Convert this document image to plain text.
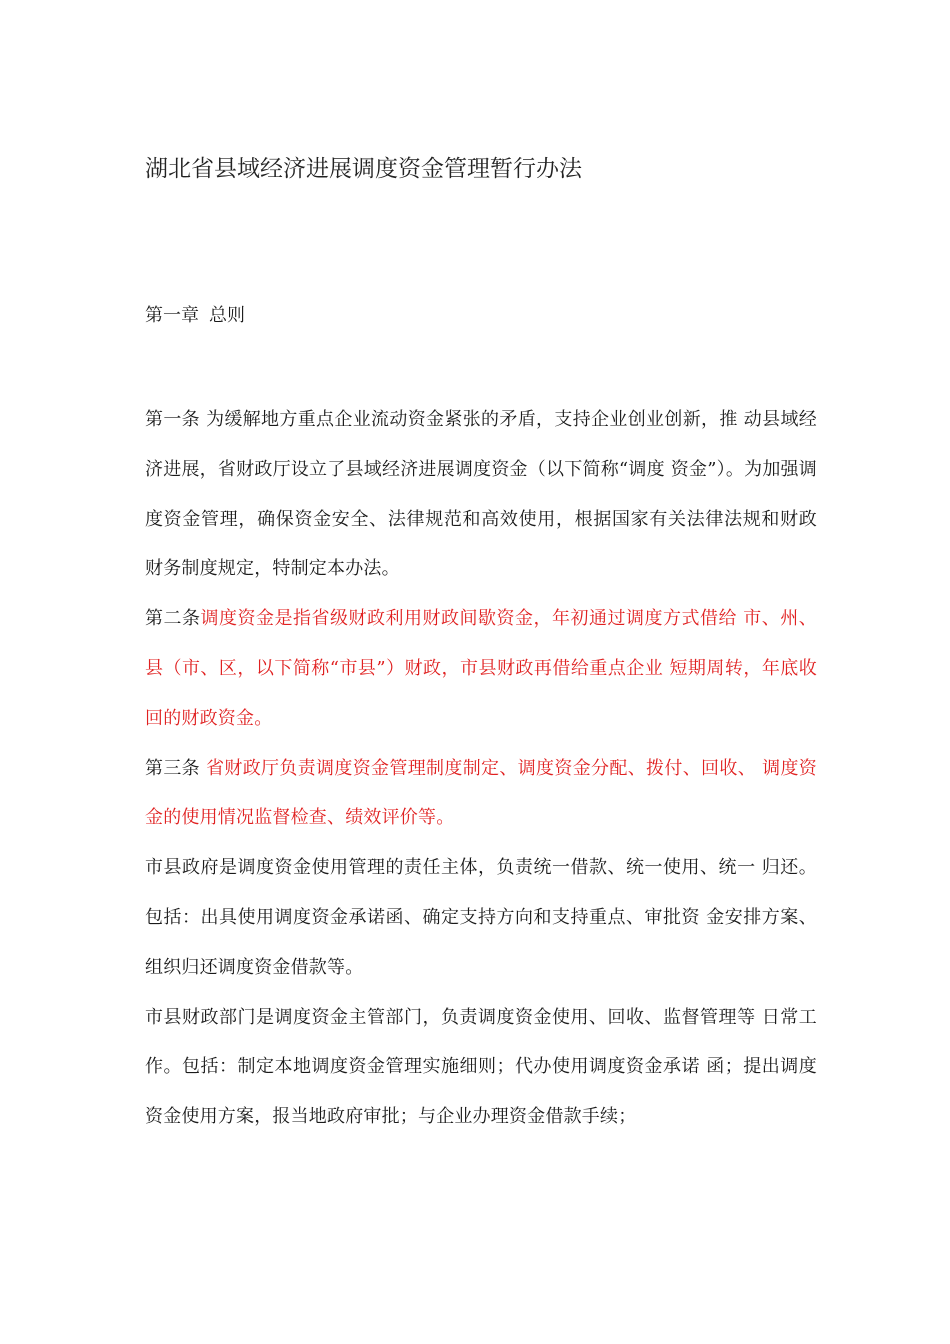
湖北省县域经济进展调度资金管理暂行办法
第一章 总则

第一条 为缓解地方重点企业流动资金紧张的矛盾，支持企业创业创新，推 动县域经济进展，省财政厅设立了县域经济进展调度资金（以下简称“调度 资金”）。为加强调度资金管理，确保资金安全、法律规范和高效使用，根据国家有关法律法规和财政财务制度规定，特制定本办法。

第二条调度资金是指省级财政利用财政间歇资金，年初通过调度方式借给 市、州、县（市、区，以下简称“市县”）财政，市县财政再借给重点企业 短期周转，年底收回的财政资金。

第三条 省财政厅负责调度资金管理制度制定、调度资金分配、拨付、回收、 调度资金的使用情况监督检查、绩效评价等。

市县政府是调度资金使用管理的责任主体，负责统一借款、统一使用、统一 归还。包括：出具使用调度资金承诺函、确定支持方向和支持重点、审批资 金安排方案、组织归还调度资金借款等。

市县财政部门是调度资金主管部门，负责调度资金使用、回收、监督管理等 日常工作。包括：制定本地调度资金管理实施细则；代办使用调度资金承诺 函；提出调度资金使用方案，报当地政府审批；与企业办理资金借款手续；
